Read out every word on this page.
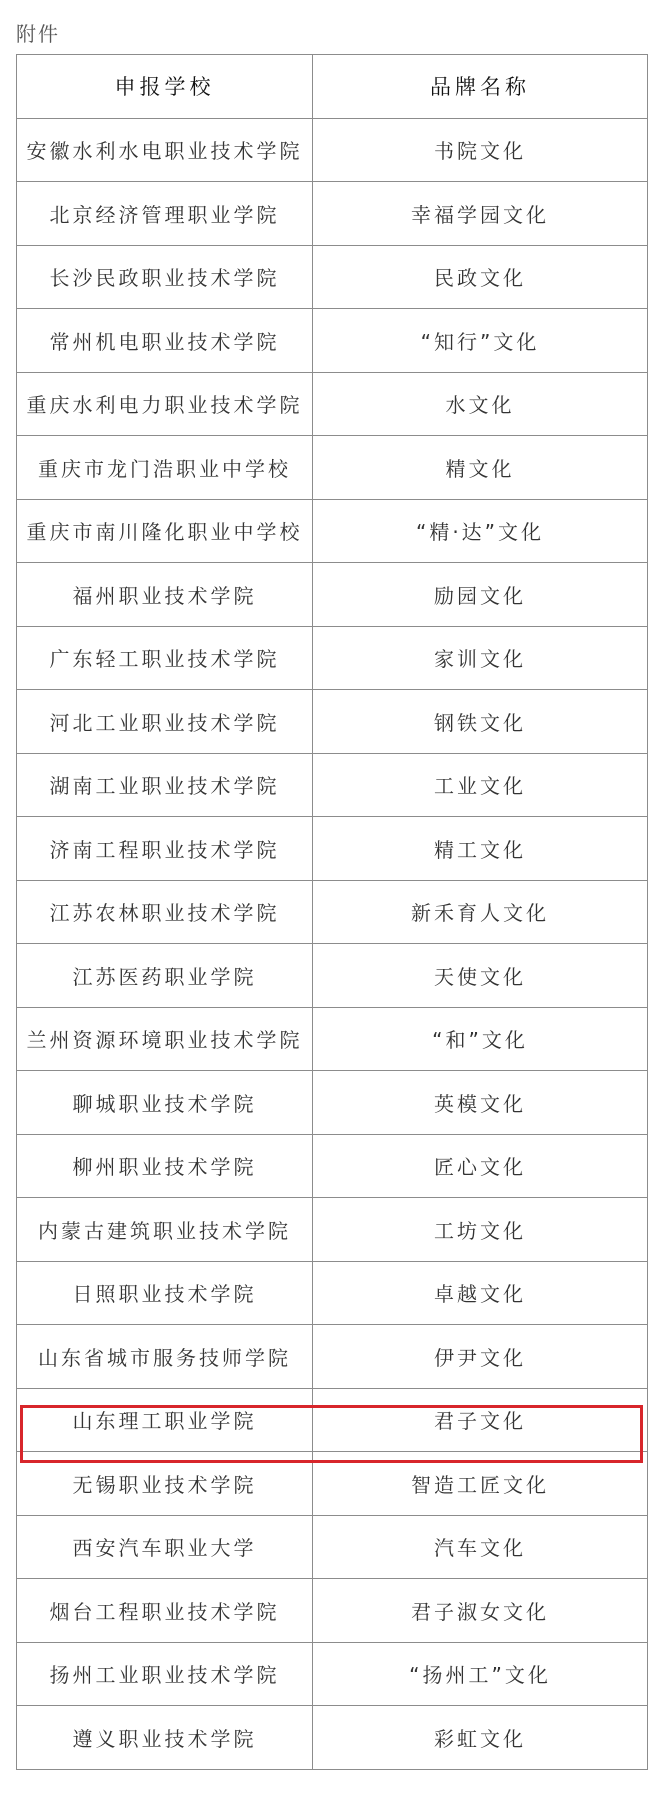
附件
申报学校	品牌名称
安徽水利水电职业技术学院	书院文化
北京经济管理职业学院	幸福学园文化
长沙民政职业技术学院	民政文化
常州机电职业技术学院	“知行”文化
重庆水利电力职业技术学院	水文化
重庆市龙门浩职业中学校	精文化
重庆市南川隆化职业中学校	“精·达”文化
福州职业技术学院	励园文化
广东轻工职业技术学院	家训文化
河北工业职业技术学院	钢铁文化
湖南工业职业技术学院	工业文化
济南工程职业技术学院	精工文化
江苏农林职业技术学院	新禾育人文化
江苏医药职业学院	天使文化
兰州资源环境职业技术学院	“和”文化
聊城职业技术学院	英模文化
柳州职业技术学院	匠心文化
内蒙古建筑职业技术学院	工坊文化
日照职业技术学院	卓越文化
山东省城市服务技师学院	伊尹文化
山东理工职业学院	君子文化
无锡职业技术学院	智造工匠文化
西安汽车职业大学	汽车文化
烟台工程职业技术学院	君子淑女文化
扬州工业职业技术学院	“扬州工”文化
遵义职业技术学院	彩虹文化
